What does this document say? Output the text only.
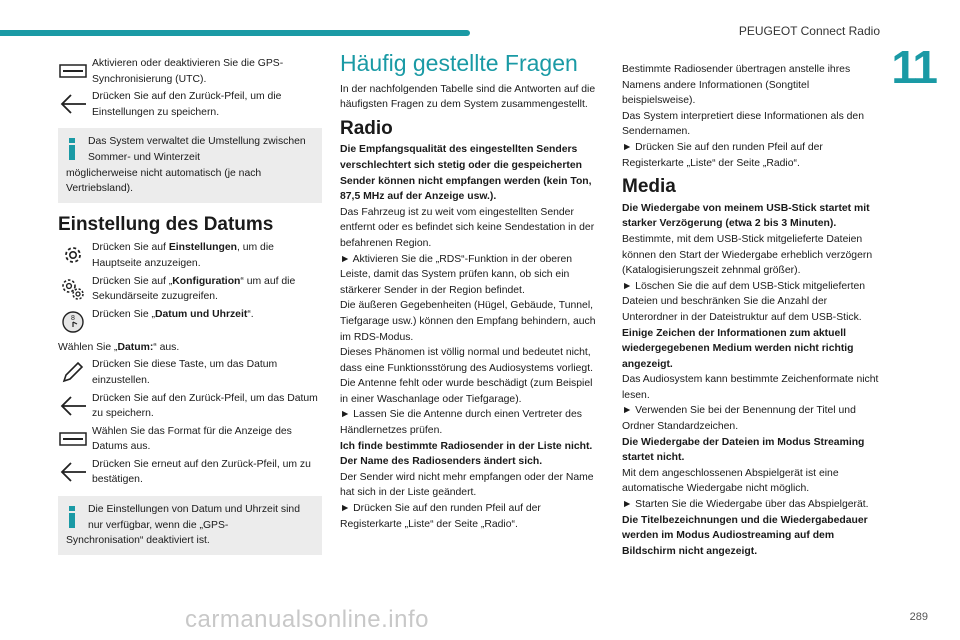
PEUGEOT Connect Radio
11
Aktivieren oder deaktivieren Sie die GPS-Synchronisierung (UTC).
Drücken Sie auf den Zurück-Pfeil, um die Einstellungen zu speichern.

Das System verwaltet die Umstellung zwischen Sommer- und Winterzeit

möglicherweise nicht automatisch (je nach Vertriebsland).

Einstellung des Datums
Drücken Sie auf Einstellungen, um die Hauptseite anzuzeigen.
Drücken Sie auf „Konfiguration“ um auf die Sekundärseite zuzugreifen.
8 Drücken Sie „Datum und Uhrzeit“.

Wählen Sie „Datum:“ aus.

Drücken Sie diese Taste, um das Datum einzustellen.
Drücken Sie auf den Zurück-Pfeil, um das Datum zu speichern.
Wählen Sie das Format für die Anzeige des Datums aus.
Drücken Sie erneut auf den Zurück-Pfeil, um zu bestätigen.

Die Einstellungen von Datum und Uhrzeit sind nur verfügbar, wenn die „GPS-

Synchronisation“ deaktiviert ist.

Häufig gestellte Fragen

In der nachfolgenden Tabelle sind die Antworten auf die häufigsten Fragen zu dem System zusammengestellt.

Radio

Die Empfangsqualität des eingestellten Senders verschlechtert sich stetig oder die gespeicherten Sender können nicht empfangen werden (kein Ton, 87,5 MHz auf der Anzeige usw.).

Das Fahrzeug ist zu weit vom eingestellten Sender entfernt oder es befindet sich keine Sendestation in der befahrenen Region.

► Aktivieren Sie die „RDS“-Funktion in der oberen Leiste, damit das System prüfen kann, ob sich ein stärkerer Sender in der Region befindet.

Die äußeren Gegebenheiten (Hügel, Gebäude, Tunnel, Tiefgarage usw.) können den Empfang behindern, auch im RDS-Modus.

Dieses Phänomen ist völlig normal und bedeutet nicht, dass eine Funktionsstörung des Audiosystems vorliegt.

Die Antenne fehlt oder wurde beschädigt (zum Beispiel in einer Waschanlage oder Tiefgarage).

► Lassen Sie die Antenne durch einen Vertreter des Händlernetzes prüfen.

Ich finde bestimmte Radiosender in der Liste nicht.

Der Name des Radiosenders ändert sich.

Der Sender wird nicht mehr empfangen oder der Name hat sich in der Liste geändert.

► Drücken Sie auf den runden Pfeil auf der Registerkarte „Liste“ der Seite „Radio“.

Bestimmte Radiosender übertragen anstelle ihres Namens andere Informationen (Songtitel beispielsweise).

Das System interpretiert diese Informationen als den Sendernamen.

► Drücken Sie auf den runden Pfeil auf der Registerkarte „Liste“ der Seite „Radio“.

Media

Die Wiedergabe von meinem USB-Stick startet mit starker Verzögerung (etwa 2 bis 3 Minuten).

Bestimmte, mit dem USB-Stick mitgelieferte Dateien können den Start der Wiedergabe erheblich verzögern (Katalogisierungszeit zehnmal größer).

► Löschen Sie die auf dem USB-Stick mitgelieferten Dateien und beschränken Sie die Anzahl der Unterordner in der Dateistruktur auf dem USB-Stick.

Einige Zeichen der Informationen zum aktuell wiedergegebenen Medium werden nicht richtig angezeigt.

Das Audiosystem kann bestimmte Zeichenformate nicht lesen.

► Verwenden Sie bei der Benennung der Titel und Ordner Standardzeichen.

Die Wiedergabe der Dateien im Modus Streaming startet nicht.

Mit dem angeschlossenen Abspielgerät ist eine automatische Wiedergabe nicht möglich.

► Starten Sie die Wiedergabe über das Abspielgerät.

Die Titelbezeichnungen und die Wiedergabedauer werden im Modus Audiostreaming auf dem Bildschirm nicht angezeigt.

carmanualsonline.info	289
